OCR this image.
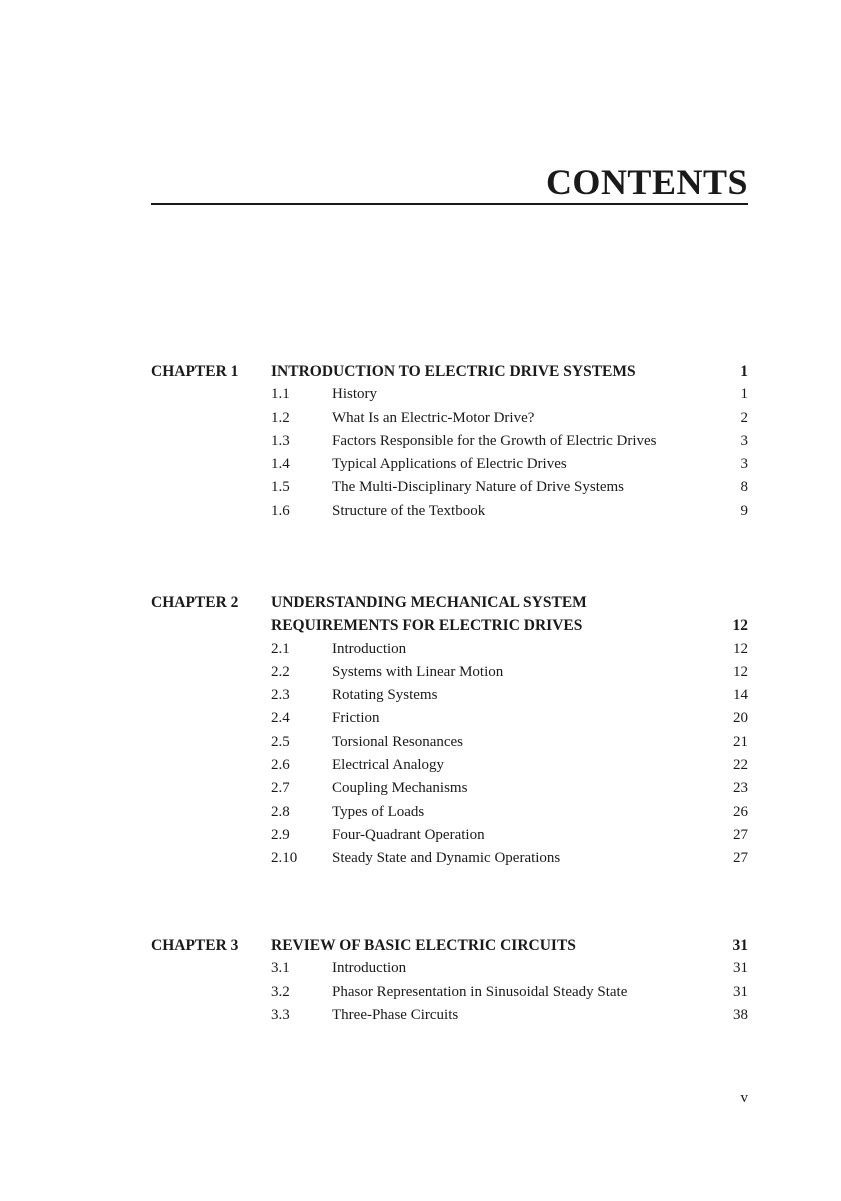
CONTENTS
CHAPTER 1 INTRODUCTION TO ELECTRIC DRIVE SYSTEMS	1
1.1	History	1
1.2	What Is an Electric-Motor Drive?	2
1.3	Factors Responsible for the Growth of Electric Drives	3
1.4	Typical Applications of Electric Drives	3
1.5	The Multi-Disciplinary Nature of Drive Systems	8
1.6	Structure of the Textbook	9
CHAPTER 2 UNDERSTANDING MECHANICAL SYSTEM
REQUIREMENTS FOR ELECTRIC DRIVES	12
2.1	Introduction	12
2.2	Systems with Linear Motion	12
2.3	Rotating Systems	14
2.4	Friction	20
2.5	Torsional Resonances	21
2.6	Electrical Analogy	22
2.7	Coupling Mechanisms	23
2.8	Types of Loads	26
2.9	Four-Quadrant Operation	27
2.10 Steady State and Dynamic Operations	27
CHAPTER 3 REVIEW OF BASIC ELECTRIC CIRCUITS	31
3.1	Introduction	31
3.2	Phasor Representation in Sinusoidal Steady State	31
3.3	Three-Phase Circuits	38
v
